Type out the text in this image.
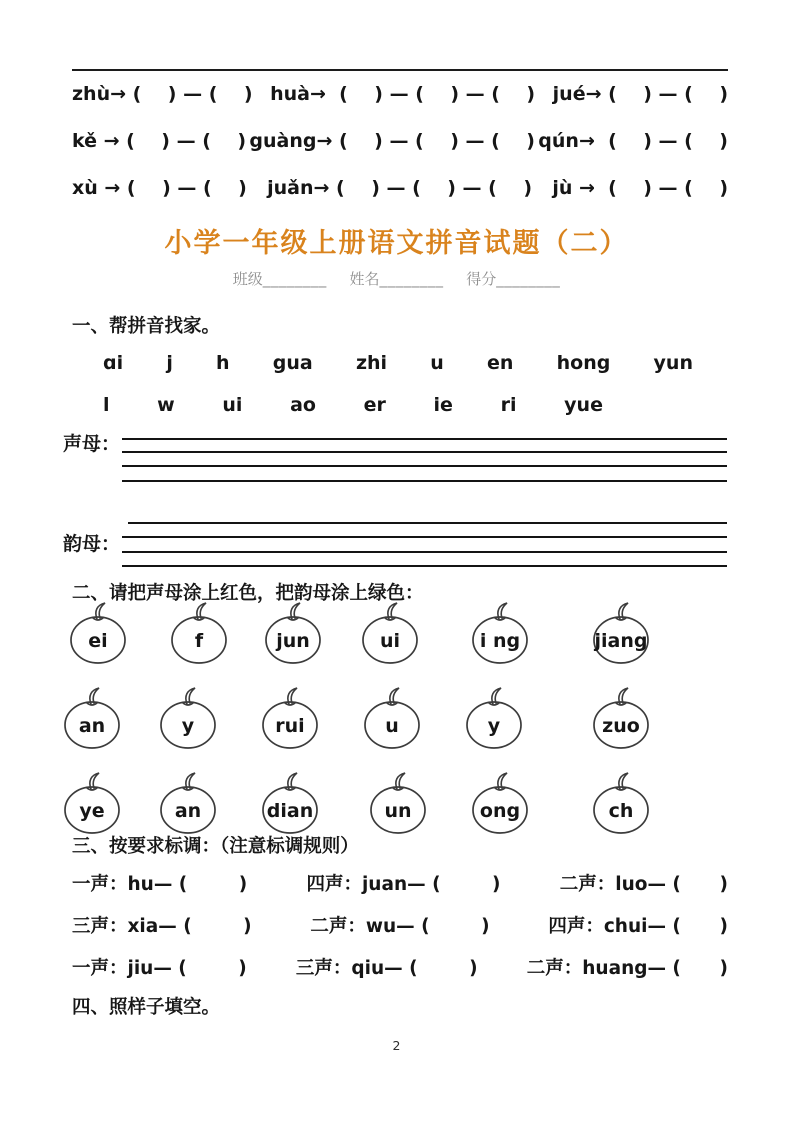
zhù→ (    ) — (    ) huà→  (    ) — (    ) — (    ) jué→ (    ) — (    )
kě → (    ) — (    ) guàng→ (    ) — (    ) — (    ) qún→  (    ) — (    )
xù → (    ) — (    ) juǎn→ (    ) — (    ) — (    ) jù →  (    ) — (    )
小学一年级上册语文拼音试题（二）
班级________ 姓名________ 得分________
一、帮拼音找家。
ɑi j h gua zhi u en hong yun
l	w	ui	ao	er	ie	ri	yue
声母：
韵母：
二、请把声母涂上红色，把韵母涂上绿色：
ei	f	jun	ui	i ng	jiang
an	y	rui	u	y	zuo
ye	an	dian	un	ong	ch
三、按要求标调：（注意标调规则）
一声：hu— (        )	四声：juan— (        )	二声：luo— (      )
三声：xia— (        )	二声：wu— (        )	四声：chui— (      )
一声：jiu— (        )	三声：qiu— (        )	二声：huang— (      )
四、照样子填空。
2
